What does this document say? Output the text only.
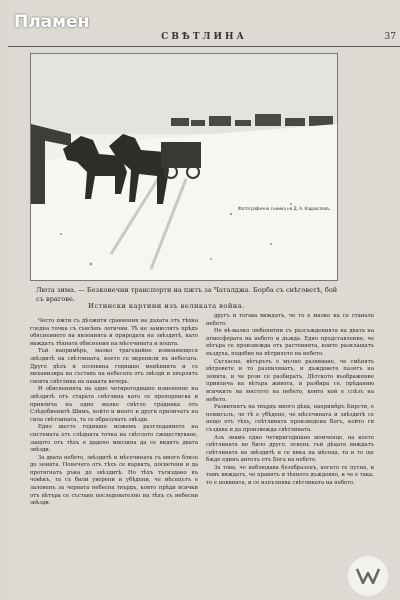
Пламен
СВѢТЛИНА	37
Фотографична снимка на Д. А. Каррасловъ.
Люта зима. — Безконечни транспорти на пжтъ за Чаталджа. Борба съ снѣговетѣ, бой съ врагове.
Истински картини изъ великата война.

Често пжти съ дѣлжнти сравнения на дъхата отъ тѣхна гледна точка съ съвсѣмъ логични. Тѣ не замислятъ прѣдъ обяснението на явленията и природата на звѣздитѣ, като виждатъ тѣхната обяснения на мѣсечината и нощта.

Тъй напримѣръ, малко трагедийно изменяющеся звѣздитѣ на свѣтлината, което се вкрепили въ небесата. Друго дѣлъ и половина годишно менѣнията и се механизира на съставъ на небесата отъ звѣзди и хвърлятъ своята свѣтлина на нашата вечерь.

И обясненията на едно четирогодишно изменение на звѣздитѣ отъ старата свѣтлина като се преподписва и привлича на едно малко свѣтло градинка отъ Слѣдобиенитѣ Шимъ, който и много и други приличатъ на сила свѣтлината, та се образуватъ звѣзди.

Едно шесто годишно можемъ разгледанието на системата отъ слѣдната точка на свѣтлото сжществуване, защото отъ тѣхъ е дадено мнозина да се видятъ двата звѣзди.

За двата небето, звѣздитѣ и мѣсечината съ много близо до земята. Понечего отъ тѣхъ се вървятъ, посветени и да протягнатъ ръка до звѣздитѣ. Но тѣхъ тъгиздано въ човѣкъ, та съ били уверени и убѣдени, че мѣсецътъ е заловенъ за черната небесна твърдъ, която прѣди всички отъ вѣтъра се съставя последователно на тѣхъ съ небесни звѣзди.

другъ и тогава виждатъ, че то е малко на се станало небето.

Не вѣ-малко любопитни съ разсъжденията на двата на атмосферата на небето и дъжда. Едно пръдставление, че вѣтъра се произвежда отъ растенията, които разклащатъ въздуха, подобно на вѣтрилото на небето.

Съгласно, вѣтърътъ е мъчно развиване, че смѣнятъ вѣтровете и то разпиляватъ, и дъждовете пазятъ на земята, и че рози се разбиратъ. Дѣтското въображение привлича на вѣтъра живота, и разбира се, прѣданию всичките на мястото на небето, които кой е слѣзъ на небето.

Развитиятъ на твърдъ много дѣца, напримѣръ Кирсти, е помисълъ, че тѣ е убѣдено, че мѣсечината и звѣздитѣ се нещо отъ тѣхъ, свѣтлината произведена Богъ, който ги създава и да произвежда свѣтлината.

Азъ знамъ едно четиригодишно момченце, на което свѣтлината не било друго, освенъ тъй дѣцата виждатъ свѣтлината на звѣздитѣ и се вика на мѣсеца, та и то ще бѫде единъ ангелъ отъ Бога на небето.

За това, че наблюдава безобразенъ, когато се пусна, и тамъ виждатъ, че правятъ и тѣхното дъждовно, и че е така, то е новината, и се изпълнява свѣтлината на небето.
